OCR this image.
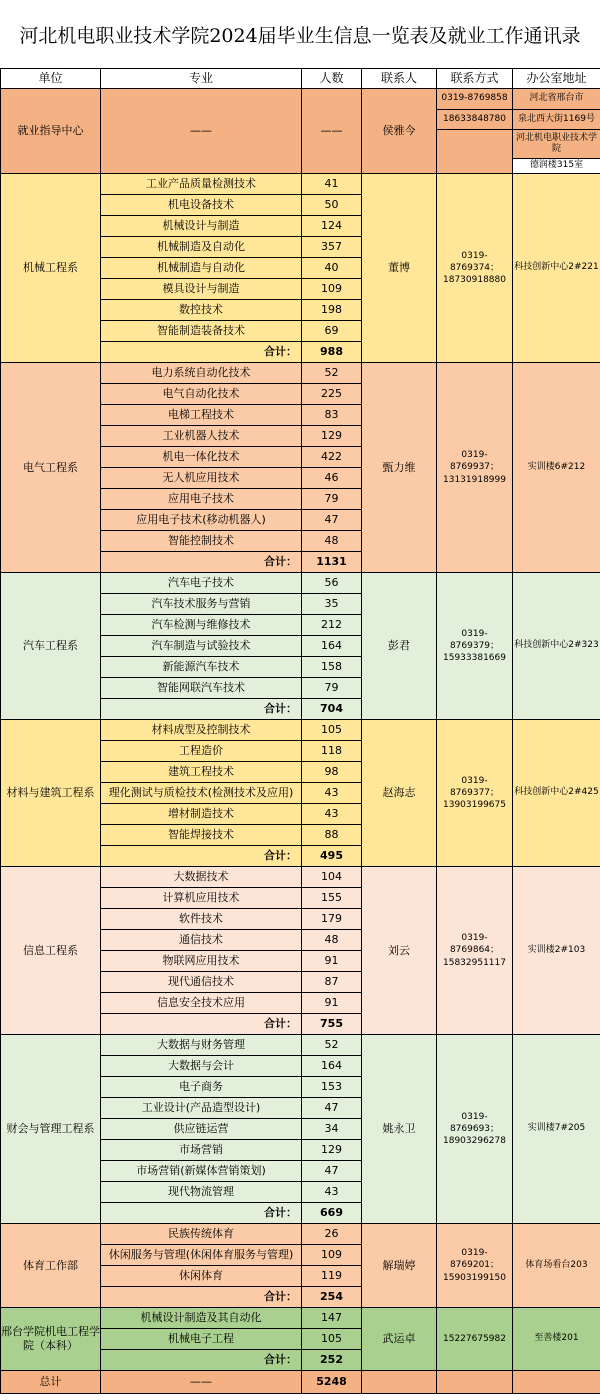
河北机电职业技术学院2024届毕业生信息一览表及就业工作通讯录
单位	专业	人数	联系人	联系方式	办公室地址
就业指导中心	——	——	侯雅今	0319-8769858	河北省邢台市
				18633848780	泉北西大街1169号
					河北机电职业技术学院
					德润楼315室
机械工程系	工业产品质量检测技术	41	董博	0319-8769374；18730918880	科技创新中心2#221
	机电设备技术	50			
	机械设计与制造	124			
	机械制造及自动化	357			
	机械制造与自动化	40			
	模具设计与制造	109			
	数控技术	198			
	智能制造装备技术	69			
	合计：	988			
电气工程系	电力系统自动化技术	52	甄力维	0319-8769937；13131918999	实训楼6#212
	电气自动化技术	225			
	电梯工程技术	83			
	工业机器人技术	129			
	机电一体化技术	422			
	无人机应用技术	46			
	应用电子技术	79			
	应用电子技术(移动机器人)	47			
	智能控制技术	48			
	合计：	1131			
汽车工程系	汽车电子技术	56	彭君	0319-8769379；15933381669	科技创新中心2#323
	汽车技术服务与营销	35			
	汽车检测与维修技术	212			
	汽车制造与试验技术	164			
	新能源汽车技术	158			
	智能网联汽车技术	79			
	合计：	704			
材料与建筑工程系	材料成型及控制技术	105	赵海志	0319-8769377；13903199675	科技创新中心2#425
	工程造价	118			
	建筑工程技术	98			
	理化测试与质检技术(检测技术及应用)	43			
	增材制造技术	43			
	智能焊接技术	88			
	合计：	495			
信息工程系	大数据技术	104	刘云	0319-8769864；15832951117	实训楼2#103
	计算机应用技术	155			
	软件技术	179			
	通信技术	48			
	物联网应用技术	91			
	现代通信技术	87			
	信息安全技术应用	91			
	合计：	755			
财会与管理工程系	大数据与财务管理	52	姚永卫	0319-8769693；18903296278	实训楼7#205
	大数据与会计	164			
	电子商务	153			
	工业设计(产品造型设计)	47			
	供应链运营	34			
	市场营销	129			
	市场营销(新媒体营销策划)	47			
	现代物流管理	43			
	合计：	669			
体育工作部	民族传统体育	26	解瑞婷	0319-8769201；15903199150	体育场看台203
	休闲服务与管理(休闲体育服务与管理)	109			
	休闲体育	119			
	合计：	254			
邢台学院机电工程学院（本科）	机械设计制造及其自动化	147	武运卓	15227675982	至善楼201
	机械电子工程	105			
	合计：	252			
总计	——	5248			
